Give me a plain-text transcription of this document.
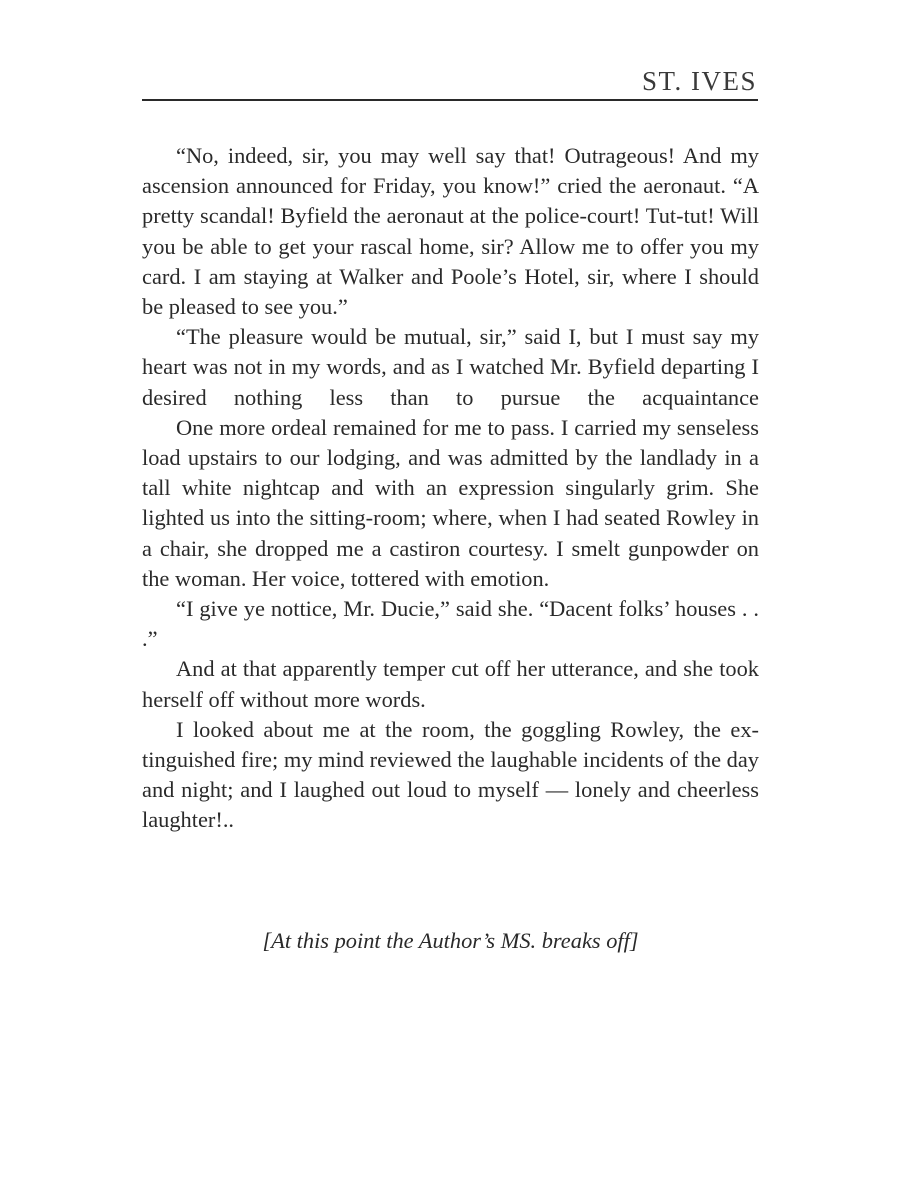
ST. IVES

“No, indeed, sir, you may well say that! Outrageous! And my ascension announced for Friday, you know!” cried the aeronaut. “A pretty scandal! Byfield the aeronaut at the police-court! Tut-tut! Will you be able to get your rascal home, sir? Allow me to offer you my card. I am staying at Walker and Poole’s Hotel, sir, where I should be pleased to see you.”

“The pleasure would be mutual, sir,” said I, but I must say my heart was not in my words, and as I watched Mr. Byfield departing I desired nothing less than to pursue the acquaintance

One more ordeal remained for me to pass. I carried my senseless load upstairs to our lodging, and was admitted by the landlady in a tall white nightcap and with an expression singularly grim. She lighted us into the sitting-room; where, when I had seated Rowley in a chair, she dropped me a castiron courtesy. I smelt gunpowder on the woman. Her voice, tottered with emotion.

“I give ye nottice, Mr. Ducie,” said she. “Dacent folks’ houses . . .”

And at that apparently temper cut off her utterance, and she took herself off without more words.

I looked about me at the room, the goggling Rowley, the extinguished fire; my mind reviewed the laughable incidents of the day and night; and I laughed out loud to myself — lonely and cheerless laughter!..

[At this point the Author’s MS. breaks off]
